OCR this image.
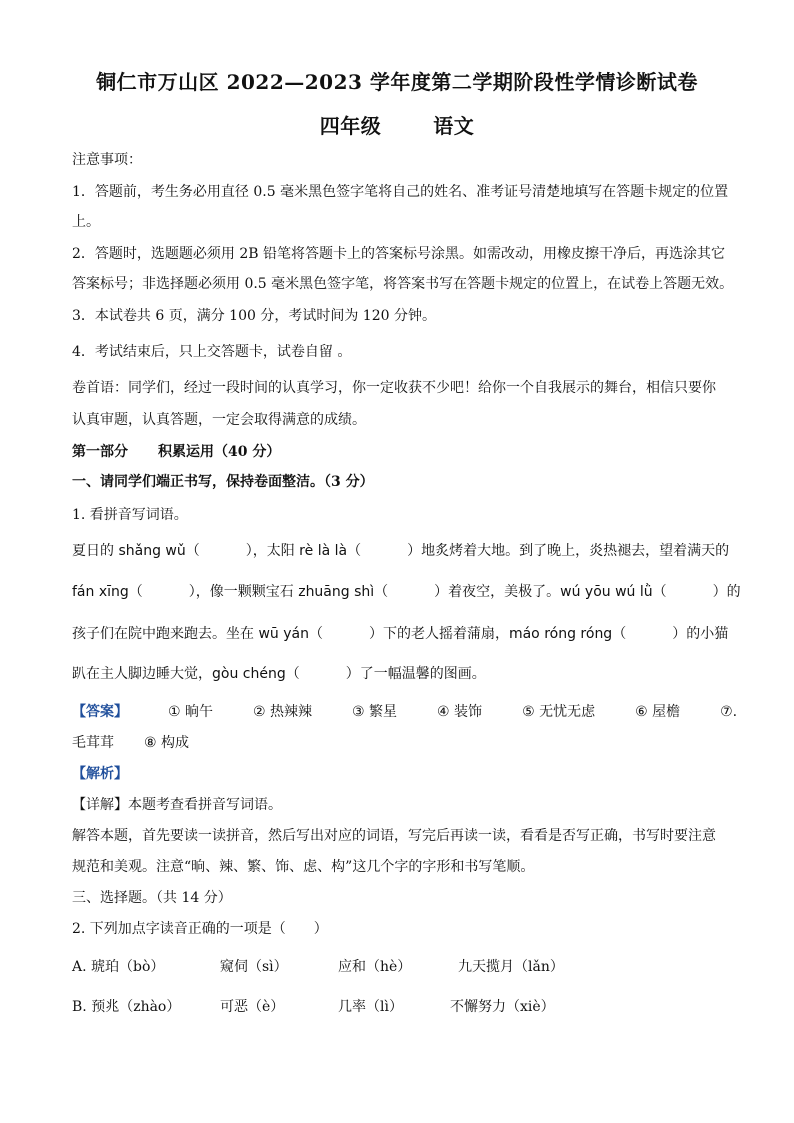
铜仁市万山区 2022—2023 学年度第二学期阶段性学情诊断试卷
四年级	语文
注意事项：
1．答题前，考生务必用直径 0.5 毫米黑色签字笔将自己的姓名、准考证号清楚地填写在答题卡规定的位置
上。
2．答题时，选题题必须用 2B 铅笔将答题卡上的答案标号涂黑。如需改动，用橡皮擦干净后，再选涂其它
答案标号；非选择题必须用 0.5 毫米黑色签字笔，将答案书写在答题卡规定的位置上，在试卷上答题无效。
3．本试卷共 6 页，满分 100 分，考试时间为 120 分钟。
4．考试结束后，只上交答题卡，试卷自留 。
卷首语：同学们，经过一段时间的认真学习，你一定收获不少吧！给你一个自我展示的舞台，相信只要你
认真审题，认真答题，一定会取得满意的成绩。
第一部分 积累运用（40 分）
一、请同学们端正书写，保持卷面整洁。（3 分）
1. 看拼音写词语。
夏日的 shǎng wǔ（	），太阳 rè là là（	）地炙烤着大地。到了晚上，炎热褪去，望着满天的
fán xīng（	），像一颗颗宝石 zhuāng shì（	）着夜空，美极了。wú yōu wú lǜ（	）的
孩子们在院中跑来跑去。坐在 wū yán（	）下的老人摇着蒲扇，máo róng róng（	）的小猫
趴在主人脚边睡大觉，gòu chéng（	）了一幅温馨的图画。
【答案】	① 晌午	② 热辣辣	③ 繁星	④ 装饰	⑤ 无忧无虑	⑥ 屋檐	⑦.
毛茸茸 ⑧ 构成
【解析】
【详解】本题考查看拼音写词语。
解答本题，首先要读一读拼音，然后写出对应的词语，写完后再读一读，看看是否写正确，书写时要注意
规范和美观。注意“晌、辣、繁、饰、虑、构”这几个字的字形和书写笔顺。
三、选择题。（共 14 分）
2. 下列加点字读音正确的一项是（　　）
A. 琥珀（bò）	窥伺（sì）	应和（hè）	九天揽月（lǎn）
B. 预兆（zhào）	可恶（è）	几率（lì）	不懈努力（xiè）
